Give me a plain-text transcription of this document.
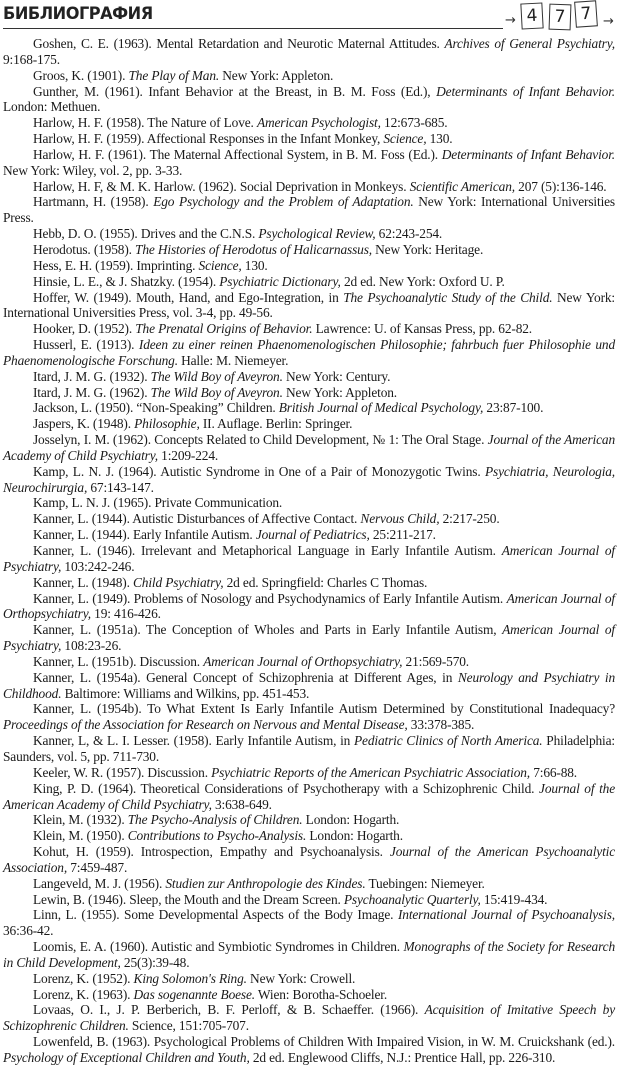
БИБЛИОГРАФИЯ	→ 4 7 7 →

Goshen, C. E. (1963). Mental Retardation and Neurotic Maternal Attitudes. Archives of General Psychiatry, 9:168-175.

Groos, K. (1901). The Play of Man. New York: Appleton.

Gunther, M. (1961). Infant Behavior at the Breast, in B. M. Foss (Ed.), Determinants of Infant Behavior. London: Methuen.

Harlow, H. F. (1958). The Nature of Love. American Psychologist, 12:673-685.

Harlow, H. F. (1959). Affectional Responses in the Infant Monkey, Science, 130.

Harlow, H. F. (1961). The Maternal Affectional System, in B. M. Foss (Ed.). Determinants of Infant Behavior. New York: Wiley, vol. 2, pp. 3-33.

Harlow, H. F, & M. K. Harlow. (1962). Social Deprivation in Monkeys. Scientific American, 207 (5):136-146.

Hartmann, H. (1958). Ego Psychology and the Problem of Adaptation. New York: International Universities Press.

Hebb, D. O. (1955). Drives and the C.N.S. Psychological Review, 62:243-254.

Herodotus. (1958). The Histories of Herodotus of Halicarnassus, New York: Heritage.

Hess, E. H. (1959). Imprinting. Science, 130.

Hinsie, L. E., & J. Shatzky. (1954). Psychiatric Dictionary, 2d ed. New York: Oxford U. P.

Hoffer, W. (1949). Mouth, Hand, and Ego-Integration, in The Psychoanalytic Study of the Child. New York: International Universities Press, vol. 3-4, pp. 49-56.

Hooker, D. (1952). The Prenatal Origins of Behavior. Lawrence: U. of Kansas Press, pp. 62-82.

Husserl, E. (1913). Ideen zu einer reinen Phaenomenologischen Philosophie; fahrbuch fuer Philosophie und Phaenomenologische Forschung. Halle: M. Niemeyer.

Itard, J. M. G. (1932). The Wild Boy of Aveyron. New York: Century.

Itard, J. M. G. (1962). The Wild Boy of Aveyron. New York: Appleton.

Jackson, L. (1950). “Non-Speaking” Children. British Journal of Medical Psychology, 23:87-100.

Jaspers, K. (1948). Philosophie, II. Auflage. Berlin: Springer.

Josselyn, I. M. (1962). Concepts Related to Child Development, № 1: The Oral Stage. Journal of the American Academy of Child Psychiatry, 1:209-224.

Kamp, L. N. J. (1964). Autistic Syndrome in One of a Pair of Monozygotic Twins. Psychiatria, Neurologia, Neurochirurgia, 67:143-147.

Kamp, L. N. J. (1965). Private Communication.

Kanner, L. (1944). Autistic Disturbances of Affective Contact. Nervous Child, 2:217-250.

Kanner, L. (1944). Early Infantile Autism. Journal of Pediatrics, 25:211-217.

Kanner, L. (1946). Irrelevant and Metaphorical Language in Early Infantile Autism. American Journal of Psychiatry, 103:242-246.

Kanner, L. (1948). Child Psychiatry, 2d ed. Springfield: Charles C Thomas.

Kanner, L. (1949). Problems of Nosology and Psychodynamics of Early Infantile Autism. American Journal of Orthopsychiatry, 19: 416-426.

Kanner, L. (1951a). The Conception of Wholes and Parts in Early Infantile Autism, American Journal of Psychiatry, 108:23-26.

Kanner, L. (1951b). Discussion. American Journal of Orthopsychiatry, 21:569-570.

Kanner, L. (1954a). General Concept of Schizophrenia at Different Ages, in Neurology and Psychiatry in Childhood. Baltimore: Williams and Wilkins, pp. 451-453.

Kanner, L. (1954b). To What Extent Is Early Infantile Autism Determined by Constitutional Inadequacy? Proceedings of the Association for Research on Nervous and Mental Disease, 33:378-385.

Kanner, L, & L. I. Lesser. (1958). Early Infantile Autism, in Pediatric Clinics of North America. Philadelphia: Saunders, vol. 5, pp. 711-730.

Keeler, W. R. (1957). Discussion. Psychiatric Reports of the American Psychiatric Association, 7:66-88.

King, P. D. (1964). Theoretical Considerations of Psychotherapy with a Schizophrenic Child. Journal of the American Academy of Child Psychiatry, 3:638-649.

Klein, M. (1932). The Psycho-Analysis of Children. London: Hogarth.

Klein, M. (1950). Contributions to Psycho-Analysis. London: Hogarth.

Kohut, H. (1959). Introspection, Empathy and Psychoanalysis. Journal of the American Psychoanalytic Association, 7:459-487.

Langeveld, M. J. (1956). Studien zur Anthropologie des Kindes. Tuebingen: Niemeyer.

Lewin, B. (1946). Sleep, the Mouth and the Dream Screen. Psychoanalytic Quarterly, 15:419-434.

Linn, L. (1955). Some Developmental Aspects of the Body Image. International Journal of Psychoanalysis, 36:36-42.

Loomis, E. A. (1960). Autistic and Symbiotic Syndromes in Children. Monographs of the Society for Research in Child Development, 25(3):39-48.

Lorenz, K. (1952). King Solomon's Ring. New York: Crowell.

Lorenz, K. (1963). Das sogenannte Boese. Wien: Borotha-Schoeler.

Lovaas, O. I., J. P. Berberich, B. F. Perloff, & B. Schaeffer. (1966). Acquisition of Imitative Speech by Schizophrenic Children. Science, 151:705-707.

Lowenfeld, B. (1963). Psychological Problems of Children With Impaired Vision, in W. M. Cruickshank (ed.). Psychology of Exceptional Children and Youth, 2d ed. Englewood Cliffs, N.J.: Prentice Hall, pp. 226-310.
